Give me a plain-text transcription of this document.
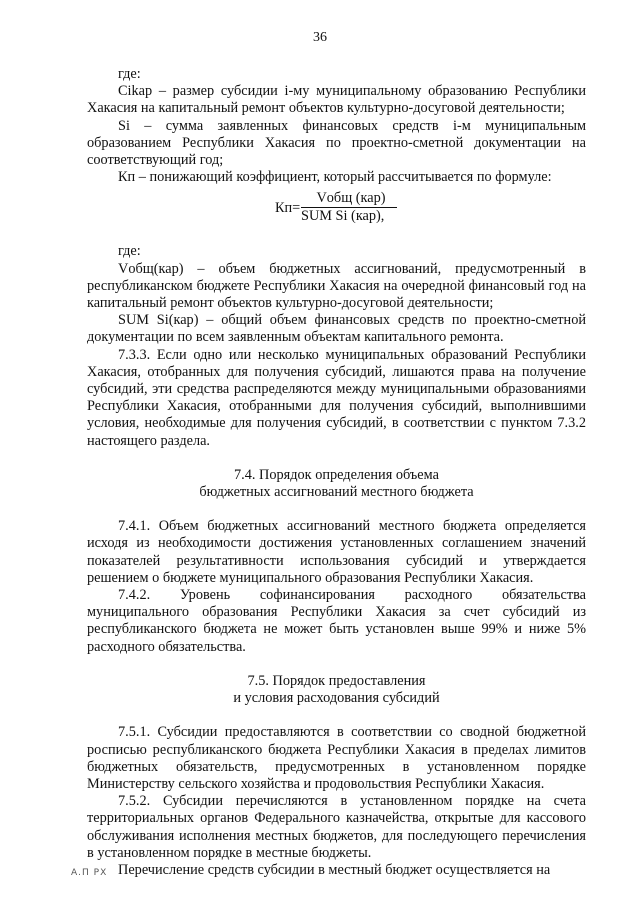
36

где:

Cikap – размер субсидии i-му муниципальному образованию Республики Хакасия на капитальный ремонт объектов культурно-досуговой деятельности;

Si – сумма заявленных финансовых средств i-м муниципальным образованием Республики Хакасия по проектно-сметной документации на соответствующий год;

Кп – понижающий коэффициент, который рассчитывается по формуле:

Кп=
Vобщ (кар)
SUM Si (кар),

где:

Vобщ(кар) – объем бюджетных ассигнований, предусмотренный в республиканском бюджете Республики Хакасия на очередной финансовый год на капитальный ремонт объектов культурно-досуговой деятельности;

SUM Si(кар) – общий объем финансовых средств по проектно-сметной документации по всем заявленным объектам капитального ремонта.

7.3.3. Если одно или несколько муниципальных образований Республики Хакасия, отобранных для получения субсидий, лишаются права на получение субсидий, эти средства распределяются между муниципальными образованиями Республики Хакасия, отобранными для получения субсидий, выполнившими условия, необходимые для получения субсидий, в соответствии с пунктом 7.3.2 настоящего раздела.

7.4. Порядок определения объема

бюджетных ассигнований местного бюджета

7.4.1. Объем бюджетных ассигнований местного бюджета определяется исходя из необходимости достижения установленных соглашением значений показателей результативности использования субсидий и утверждается решением о бюджете муниципального образования Республики Хакасия.

7.4.2. Уровень софинансирования расходного обязательства муниципального образования Республики Хакасия за счет субсидий из республиканского бюджета не может быть установлен выше 99% и ниже 5% расходного обязательства.

7.5. Порядок предоставления

и условия расходования субсидий

7.5.1. Субсидии предоставляются в соответствии со сводной бюджетной росписью республиканского бюджета Республики Хакасия в пределах лимитов бюджетных обязательств, предусмотренных в установленном порядке Министерству сельского хозяйства и продовольствия Республики Хакасия.

7.5.2. Субсидии перечисляются в установленном порядке на счета территориальных органов Федерального казначейства, открытые для кассового обслуживания исполнения местных бюджетов, для последующего перечисления в установленном порядке в местные бюджеты.

Перечисление средств субсидии в местный бюджет осуществляется на

А.П РХ
